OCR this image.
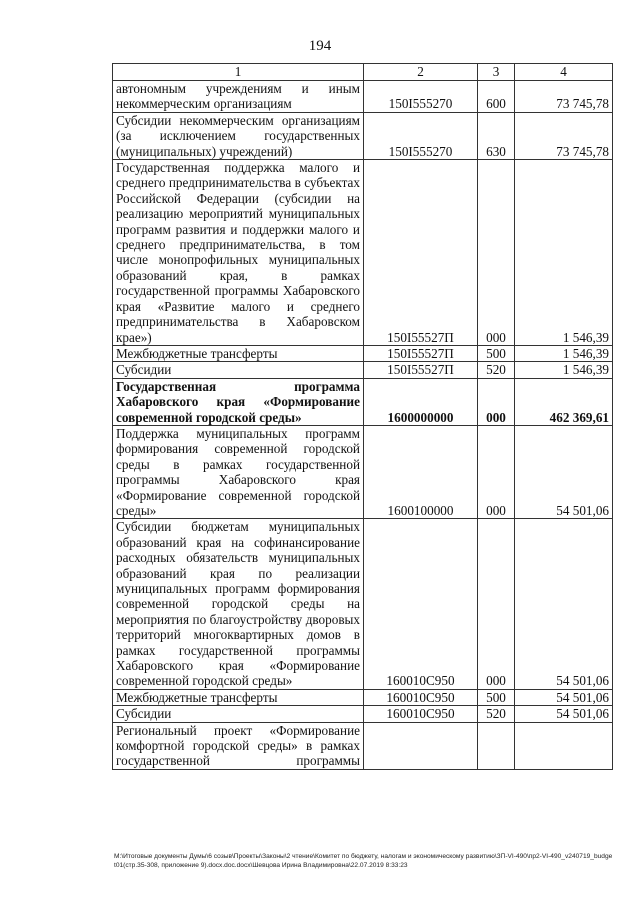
194
1	2	3	4
автономным учреждениям и иным некоммерческим организациям	150I555270	600	73 745,78
Субсидии некоммерческим организациям (за исключением государственных (муниципальных) учреждений)	150I555270	630	73 745,78
Государственная поддержка малого и среднего предпринимательства в субъектах Российской Федерации (субсидии на реализацию мероприятий муниципальных программ развития и поддержки малого и среднего предпринимательства, в том числе монопрофильных муниципальных образований края, в рамках государственной программы Хабаровского края «Развитие малого и среднего предпринимательства в Хабаровском крае»)	150I55527П	000	1 546,39
Межбюджетные трансферты	150I55527П	500	1 546,39
Субсидии	150I55527П	520	1 546,39
Государственная программа Хабаровского края «Формирование современной городской среды»	1600000000	000	462 369,61
Поддержка муниципальных программ формирования современной городской среды в рамках государственной программы Хабаровского края «Формирование современной городской среды»	1600100000	000	54 501,06
Субсидии бюджетам муниципальных образований края на софинансирование расходных обязательств муниципальных образований края по реализации муниципальных программ формирования современной городской среды на мероприятия по благоустройству дворовых территорий многоквартирных домов в рамках государственной программы Хабаровского края «Формирование современной городской среды»	160010C950	000	54 501,06
Межбюджетные трансферты	160010C950	500	54 501,06
Субсидии	160010C950	520	54 501,06
Региональный проект «Формирование комфортной городской среды» в рамках государственной программы			
M:\Итоговые документы Думы\6 созыв\Проекты\Законы\2 чтение\Комитет по бюджету, налогам и экономическому развитию\ЗП-VI-490\пр2-VI-490_v240719_budget01(стр.35-308, приложение 9).docx.doc.docx\Шевцова Ирина Владимировна\22.07.2019 8:33:23
